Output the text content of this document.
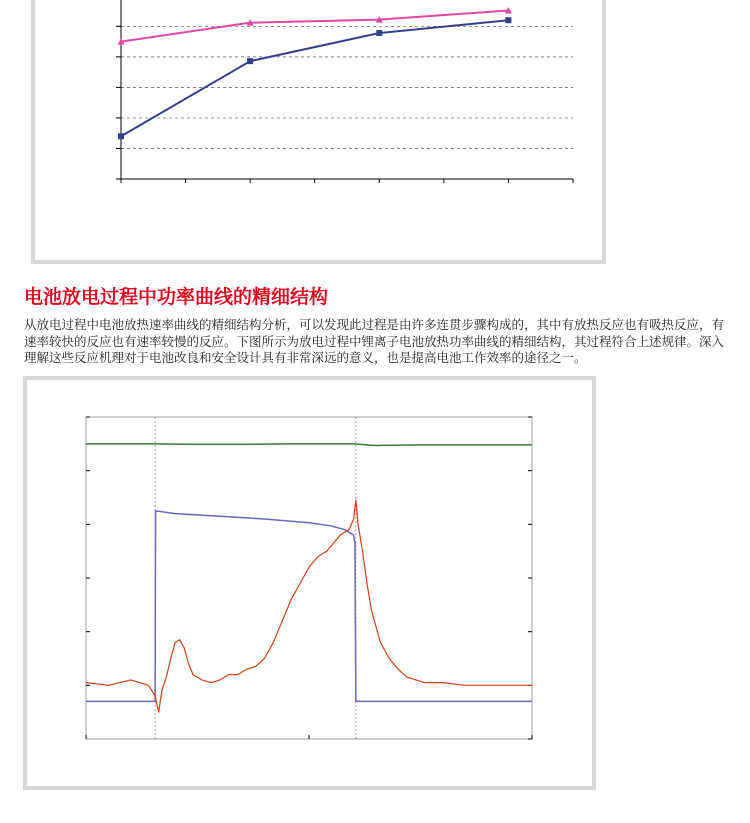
电池放电过程中功率曲线的精细结构

从放电过程中电池放热速率曲线的精细结构分析，可以发现此过程是由许多连贯步骤构成的，其中有放热反应也有吸热反应，有速率较快的反应也有速率较慢的反应。下图所示为放电过程中锂离子电池放热功率曲线的精细结构，其过程符合上述规律。深入理解这些反应机理对于电池改良和安全设计具有非常深远的意义，也是提高电池工作效率的途径之一。
